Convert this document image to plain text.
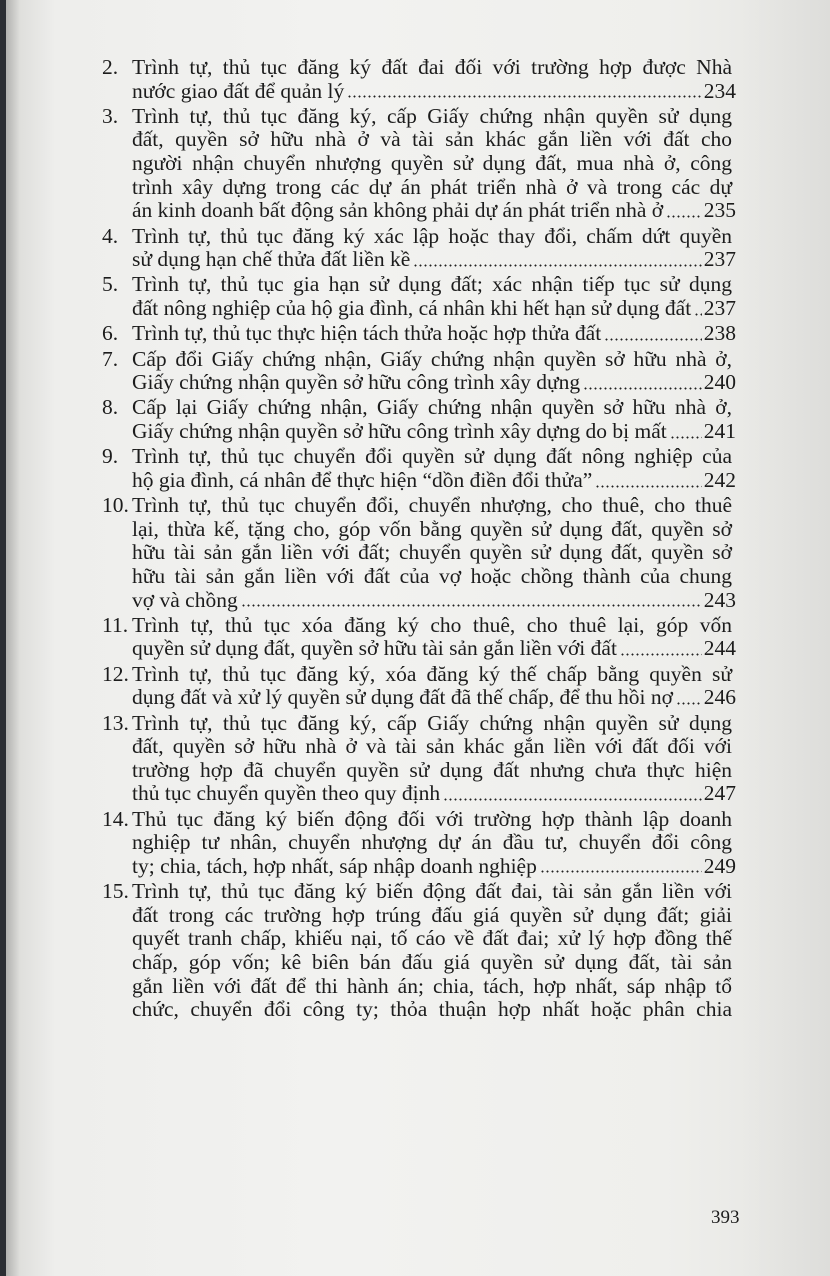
2. Trình tự, thủ tục đăng ký đất đai đối với trường hợp được Nhà
nước giao đất để quản lý	234
3. Trình tự, thủ tục đăng ký, cấp Giấy chứng nhận quyền sử dụng
đất, quyền sở hữu nhà ở và tài sản khác gắn liền với đất cho
người nhận chuyển nhượng quyền sử dụng đất, mua nhà ở, công
trình xây dựng trong các dự án phát triển nhà ở và trong các dự
án kinh doanh bất động sản không phải dự án phát triển nhà ở 235
4. Trình tự, thủ tục đăng ký xác lập hoặc thay đổi, chấm dứt quyền
sử dụng hạn chế thửa đất liền kề	237
5. Trình tự, thủ tục gia hạn sử dụng đất; xác nhận tiếp tục sử dụng
đất nông nghiệp của hộ gia đình, cá nhân khi hết hạn sử dụng đất 237
6. Trình tự, thủ tục thực hiện tách thửa hoặc hợp thửa đất	238
7. Cấp đổi Giấy chứng nhận, Giấy chứng nhận quyền sở hữu nhà ở,
Giấy chứng nhận quyền sở hữu công trình xây dựng	240
8. Cấp lại Giấy chứng nhận, Giấy chứng nhận quyền sở hữu nhà ở,
Giấy chứng nhận quyền sở hữu công trình xây dựng do bị mất 241
9. Trình tự, thủ tục chuyển đổi quyền sử dụng đất nông nghiệp của
hộ gia đình, cá nhân để thực hiện “dồn điền đổi thửa”	242
10. Trình tự, thủ tục chuyển đổi, chuyển nhượng, cho thuê, cho thuê
lại, thừa kế, tặng cho, góp vốn bằng quyền sử dụng đất, quyền sở
hữu tài sản gắn liền với đất; chuyển quyền sử dụng đất, quyền sở
hữu tài sản gắn liền với đất của vợ hoặc chồng thành của chung
vợ và chồng	243
11. Trình tự, thủ tục xóa đăng ký cho thuê, cho thuê lại, góp vốn
quyền sử dụng đất, quyền sở hữu tài sản gắn liền với đất	244
12. Trình tự, thủ tục đăng ký, xóa đăng ký thế chấp bằng quyền sử
dụng đất và xử lý quyền sử dụng đất đã thế chấp, để thu hồi nợ 246
13. Trình tự, thủ tục đăng ký, cấp Giấy chứng nhận quyền sử dụng
đất, quyền sở hữu nhà ở và tài sản khác gắn liền với đất đối với
trường hợp đã chuyển quyền sử dụng đất nhưng chưa thực hiện
thủ tục chuyển quyền theo quy định	247
14. Thủ tục đăng ký biến động đối với trường hợp thành lập doanh
nghiệp tư nhân, chuyển nhượng dự án đầu tư, chuyển đổi công
ty; chia, tách, hợp nhất, sáp nhập doanh nghiệp	249
15. Trình tự, thủ tục đăng ký biến động đất đai, tài sản gắn liền với
đất trong các trường hợp trúng đấu giá quyền sử dụng đất; giải
quyết tranh chấp, khiếu nại, tố cáo về đất đai; xử lý hợp đồng thế
chấp, góp vốn; kê biên bán đấu giá quyền sử dụng đất, tài sản
gắn liền với đất để thi hành án; chia, tách, hợp nhất, sáp nhập tổ
chức, chuyển đổi công ty; thỏa thuận hợp nhất hoặc phân chia
393
